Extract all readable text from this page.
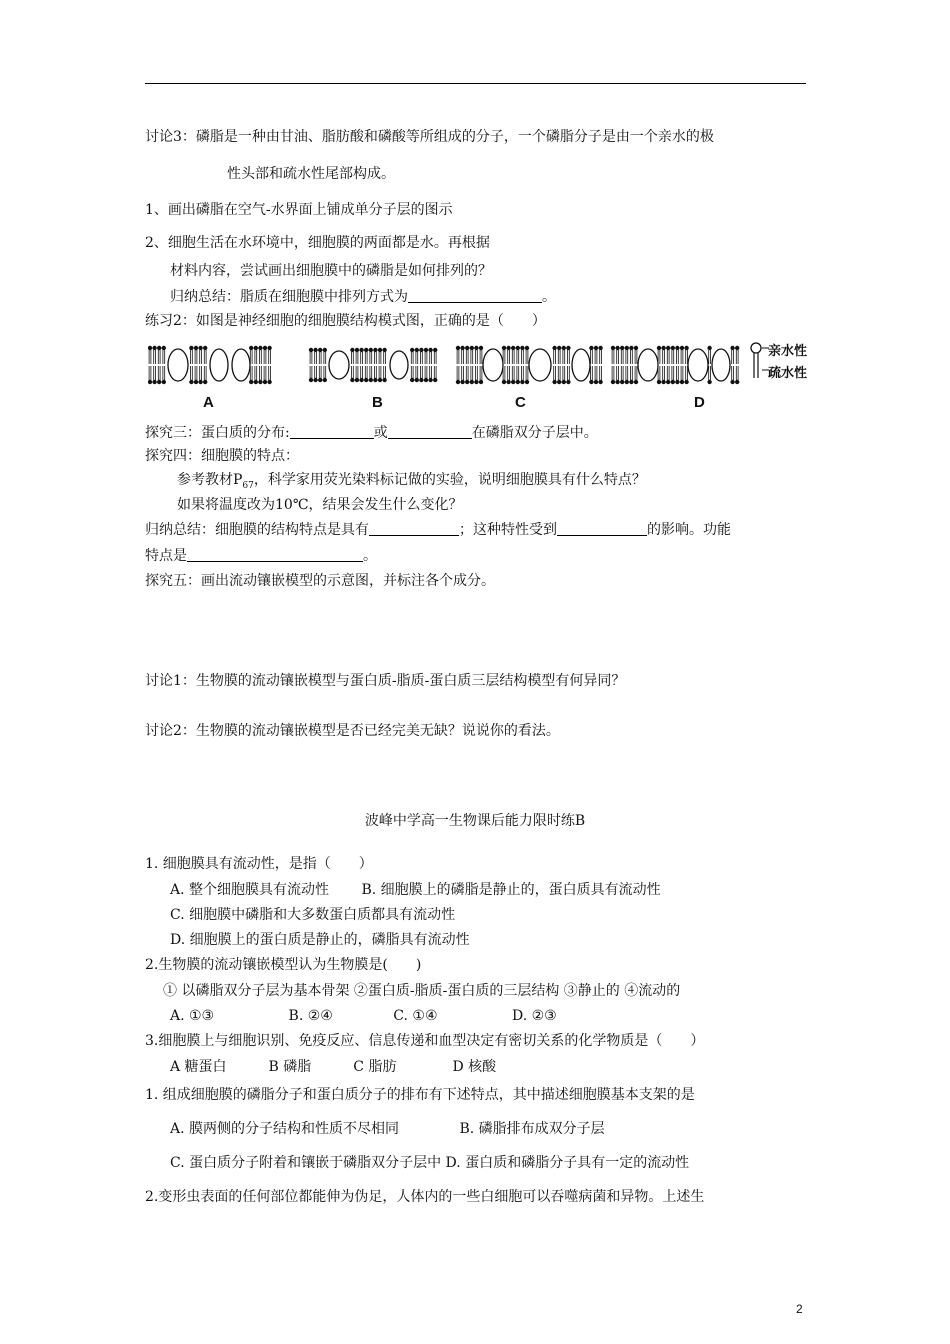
讨论3：磷脂是一种由甘油、脂肪酸和磷酸等所组成的分子，一个磷脂分子是由一个亲水的极
性头部和疏水性尾部构成。
1、画出磷脂在空气-水界面上铺成单分子层的图示
2、细胞生活在水环境中，细胞膜的两面都是水。再根据
材料内容，尝试画出细胞膜中的磷脂是如何排列的？
归纳总结：脂质在细胞膜中排列方式为	。
练习2：如图是神经细胞的细胞膜结构模式图，正确的是（　　）
A	B	C	D
亲水性
疏水性
探究三：蛋白质的分布:	或	在磷脂双分子层中。
探究四：细胞膜的特点：
参考教材$P_{67}$，科学家用荧光染料标记做的实验，说明细胞膜具有什么特点？
如果将温度改为10℃，结果会发生什么变化？
归纳总结：细胞膜的结构特点是具有	；这种特性受到	的影响。功能
特点是	。
探究五：画出流动镶嵌模型的示意图，并标注各个成分。
讨论1：生物膜的流动镶嵌模型与蛋白质-脂质-蛋白质三层结构模型有何异同？
讨论2：生物膜的流动镶嵌模型是否已经完美无缺？说说你的看法。
波峰中学高一生物课后能力限时练B
1. 细胞膜具有流动性，是指（　　）
A. 整个细胞膜具有流动性　　 B. 细胞膜上的磷脂是静止的，蛋白质具有流动性
C. 细胞膜中磷脂和大多数蛋白质都具有流动性
D. 细胞膜上的蛋白质是静止的，磷脂具有流动性
2.生物膜的流动镶嵌模型认为生物膜是(　　)
① 以磷脂双分子层为基本骨架 ②蛋白质-脂质-蛋白质的三层结构 ③静止的 ④流动的
A. ①③　　　　　 B. ②④　　　　 C. ①④　　　　　 D. ②③
3.细胞膜上与细胞识别、免疫反应、信息传递和血型决定有密切关系的化学物质是（　　）
A 糖蛋白　　　B 磷脂　　　C 脂肪　　　　D 核酸
1. 组成细胞膜的磷脂分子和蛋白质分子的排布有下述特点，其中描述细胞膜基本支架的是
A. 膜两侧的分子结构和性质不尽相同　　　　 B. 磷脂排布成双分子层
C. 蛋白质分子附着和镶嵌于磷脂双分子层中 D. 蛋白质和磷脂分子具有一定的流动性
2.变形虫表面的任何部位都能伸为伪足，人体内的一些白细胞可以吞噬病菌和异物。上述生
2
